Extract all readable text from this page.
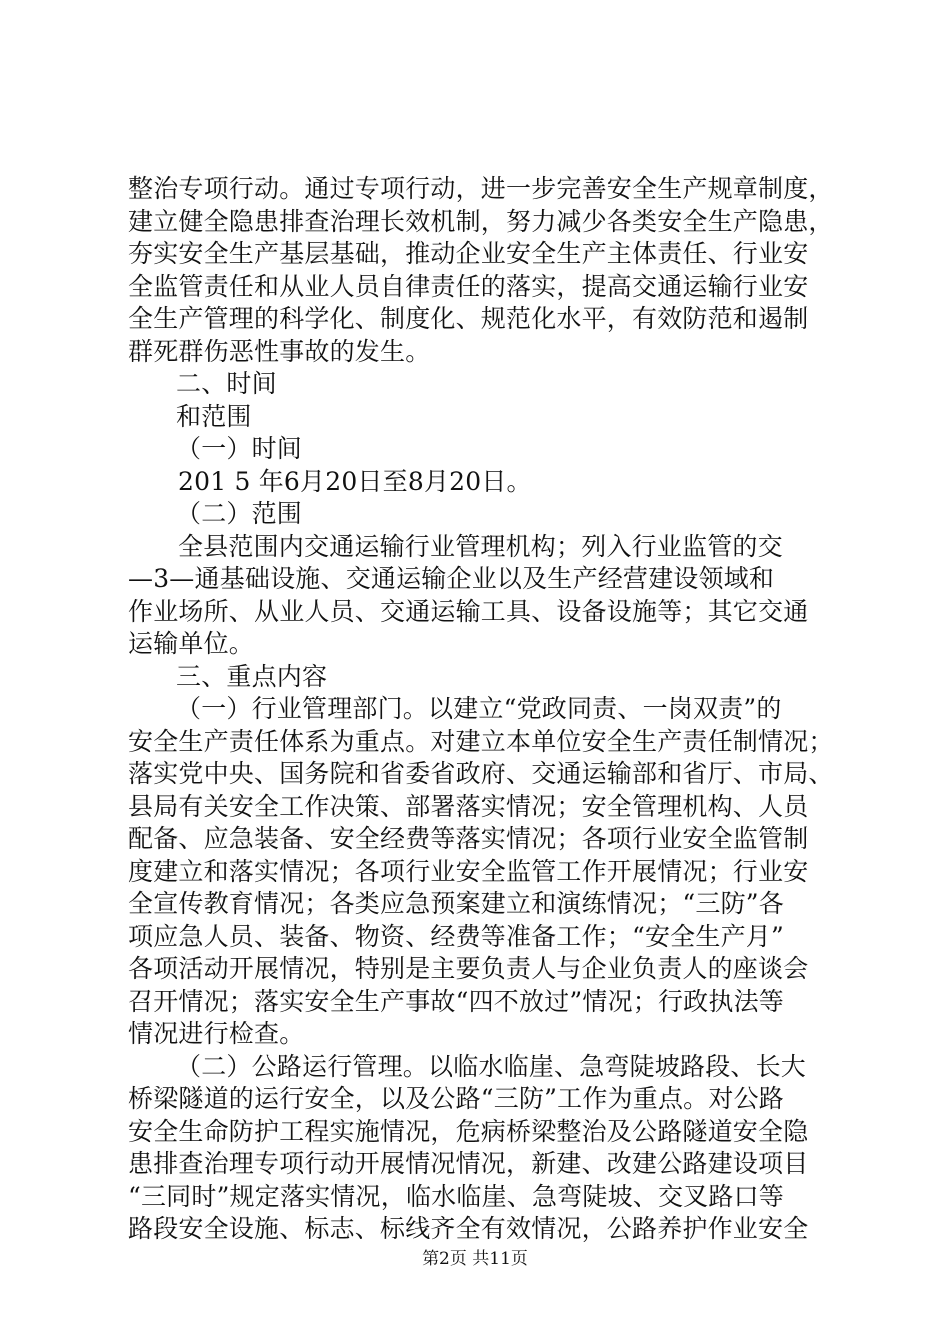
整治专项行动。通过专项行动，进一步完善安全生产规章制度，
建立健全隐患排查治理长效机制，努力减少各类安全生产隐患，
夯实安全生产基层基础，推动企业安全生产主体责任、行业安
全监管责任和从业人员自律责任的落实，提高交通运输行业安
全生产管理的科学化、制度化、规范化水平，有效防范和遏制
群死群伤恶性事故的发生。
二、时间
和范围
（一）时间
201 5 年6月20日至8月20日。
（二）范围
全县范围内交通运输行业管理机构；列入行业监管的交
—3—通基础设施、交通运输企业以及生产经营建设领域和
作业场所、从业人员、交通运输工具、设备设施等；其它交通
运输单位。
三、重点内容
（一）行业管理部门。以建立“党政同责、一岗双责”的
安全生产责任体系为重点。对建立本单位安全生产责任制情况；
落实党中央、国务院和省委省政府、交通运输部和省厅、市局、
县局有关安全工作决策、部署落实情况；安全管理机构、人员
配备、应急装备、安全经费等落实情况；各项行业安全监管制
度建立和落实情况；各项行业安全监管工作开展情况；行业安
全宣传教育情况；各类应急预案建立和演练情况；“三防”各
项应急人员、装备、物资、经费等准备工作；“安全生产月”
各项活动开展情况，特别是主要负责人与企业负责人的座谈会
召开情况；落实安全生产事故“四不放过”情况；行政执法等
情况进行检查。
（二）公路运行管理。以临水临崖、急弯陡坡路段、长大
桥梁隧道的运行安全，以及公路“三防”工作为重点。对公路
安全生命防护工程实施情况，危病桥梁整治及公路隧道安全隐
患排查治理专项行动开展情况情况，新建、改建公路建设项目
“三同时”规定落实情况，临水临崖、急弯陡坡、交叉路口等
路段安全设施、标志、标线齐全有效情况，公路养护作业安全
第2页 共11页
